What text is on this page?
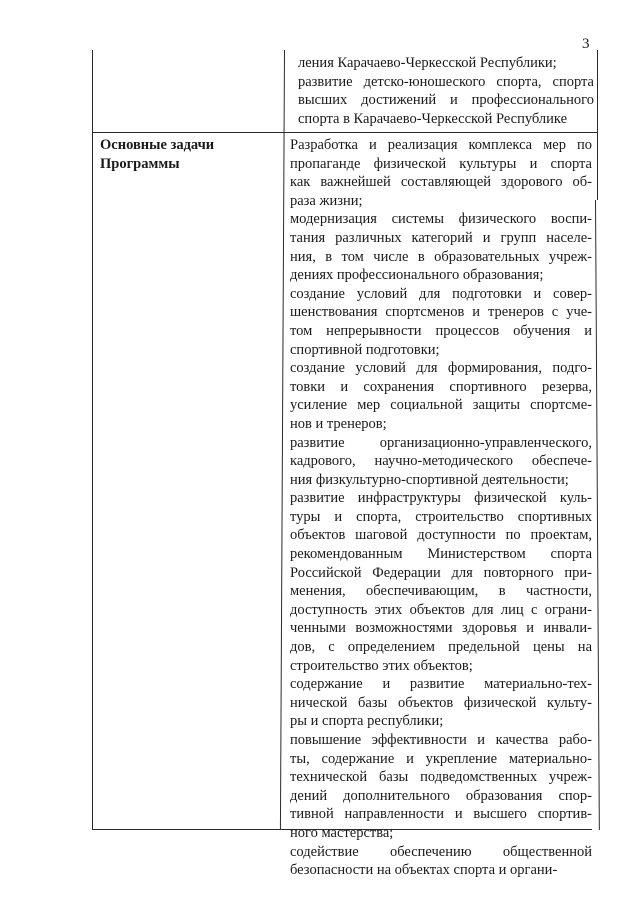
3
ления Карачаево-Черкесской Республики;
развитие детско-юношеского спорта, спорта
высших достижений и профессионального
спорта в Карачаево-Черкесской Республике
Основные задачи
Программы
Разработка и реализация комплекса мер по
пропаганде физической культуры и спорта
как важнейшей составляющей здорового об-
раза жизни;
модернизация системы физического воспи-
тания различных категорий и групп населе-
ния, в том числе в образовательных учреж-
дениях профессионального образования;
создание условий для подготовки и совер-
шенствования спортсменов и тренеров с уче-
том непрерывности процессов обучения и
спортивной подготовки;
создание условий для формирования, подго-
товки и сохранения спортивного резерва,
усиление мер социальной защиты спортсме-
нов и тренеров;
развитие организационно-управленческого,
кадрового, научно-методического обеспече-
ния физкультурно-спортивной деятельности;
развитие инфраструктуры физической куль-
туры и спорта, строительство спортивных
объектов шаговой доступности по проектам,
рекомендованным Министерством спорта
Российской Федерации для повторного при-
менения, обеспечивающим, в частности,
доступность этих объектов для лиц с ограни-
ченными возможностями здоровья и инвали-
дов, с определением предельной цены на
строительство этих объектов;
содержание и развитие материально-тех-
нической базы объектов физической культу-
ры и спорта республики;
повышение эффективности и качества рабо-
ты, содержание и укрепление материально-
технической базы подведомственных учреж-
дений дополнительного образования спор-
тивной направленности и высшего спортив-
ного мастерства;
содействие обеспечению общественной
безопасности на объектах спорта и органи-
